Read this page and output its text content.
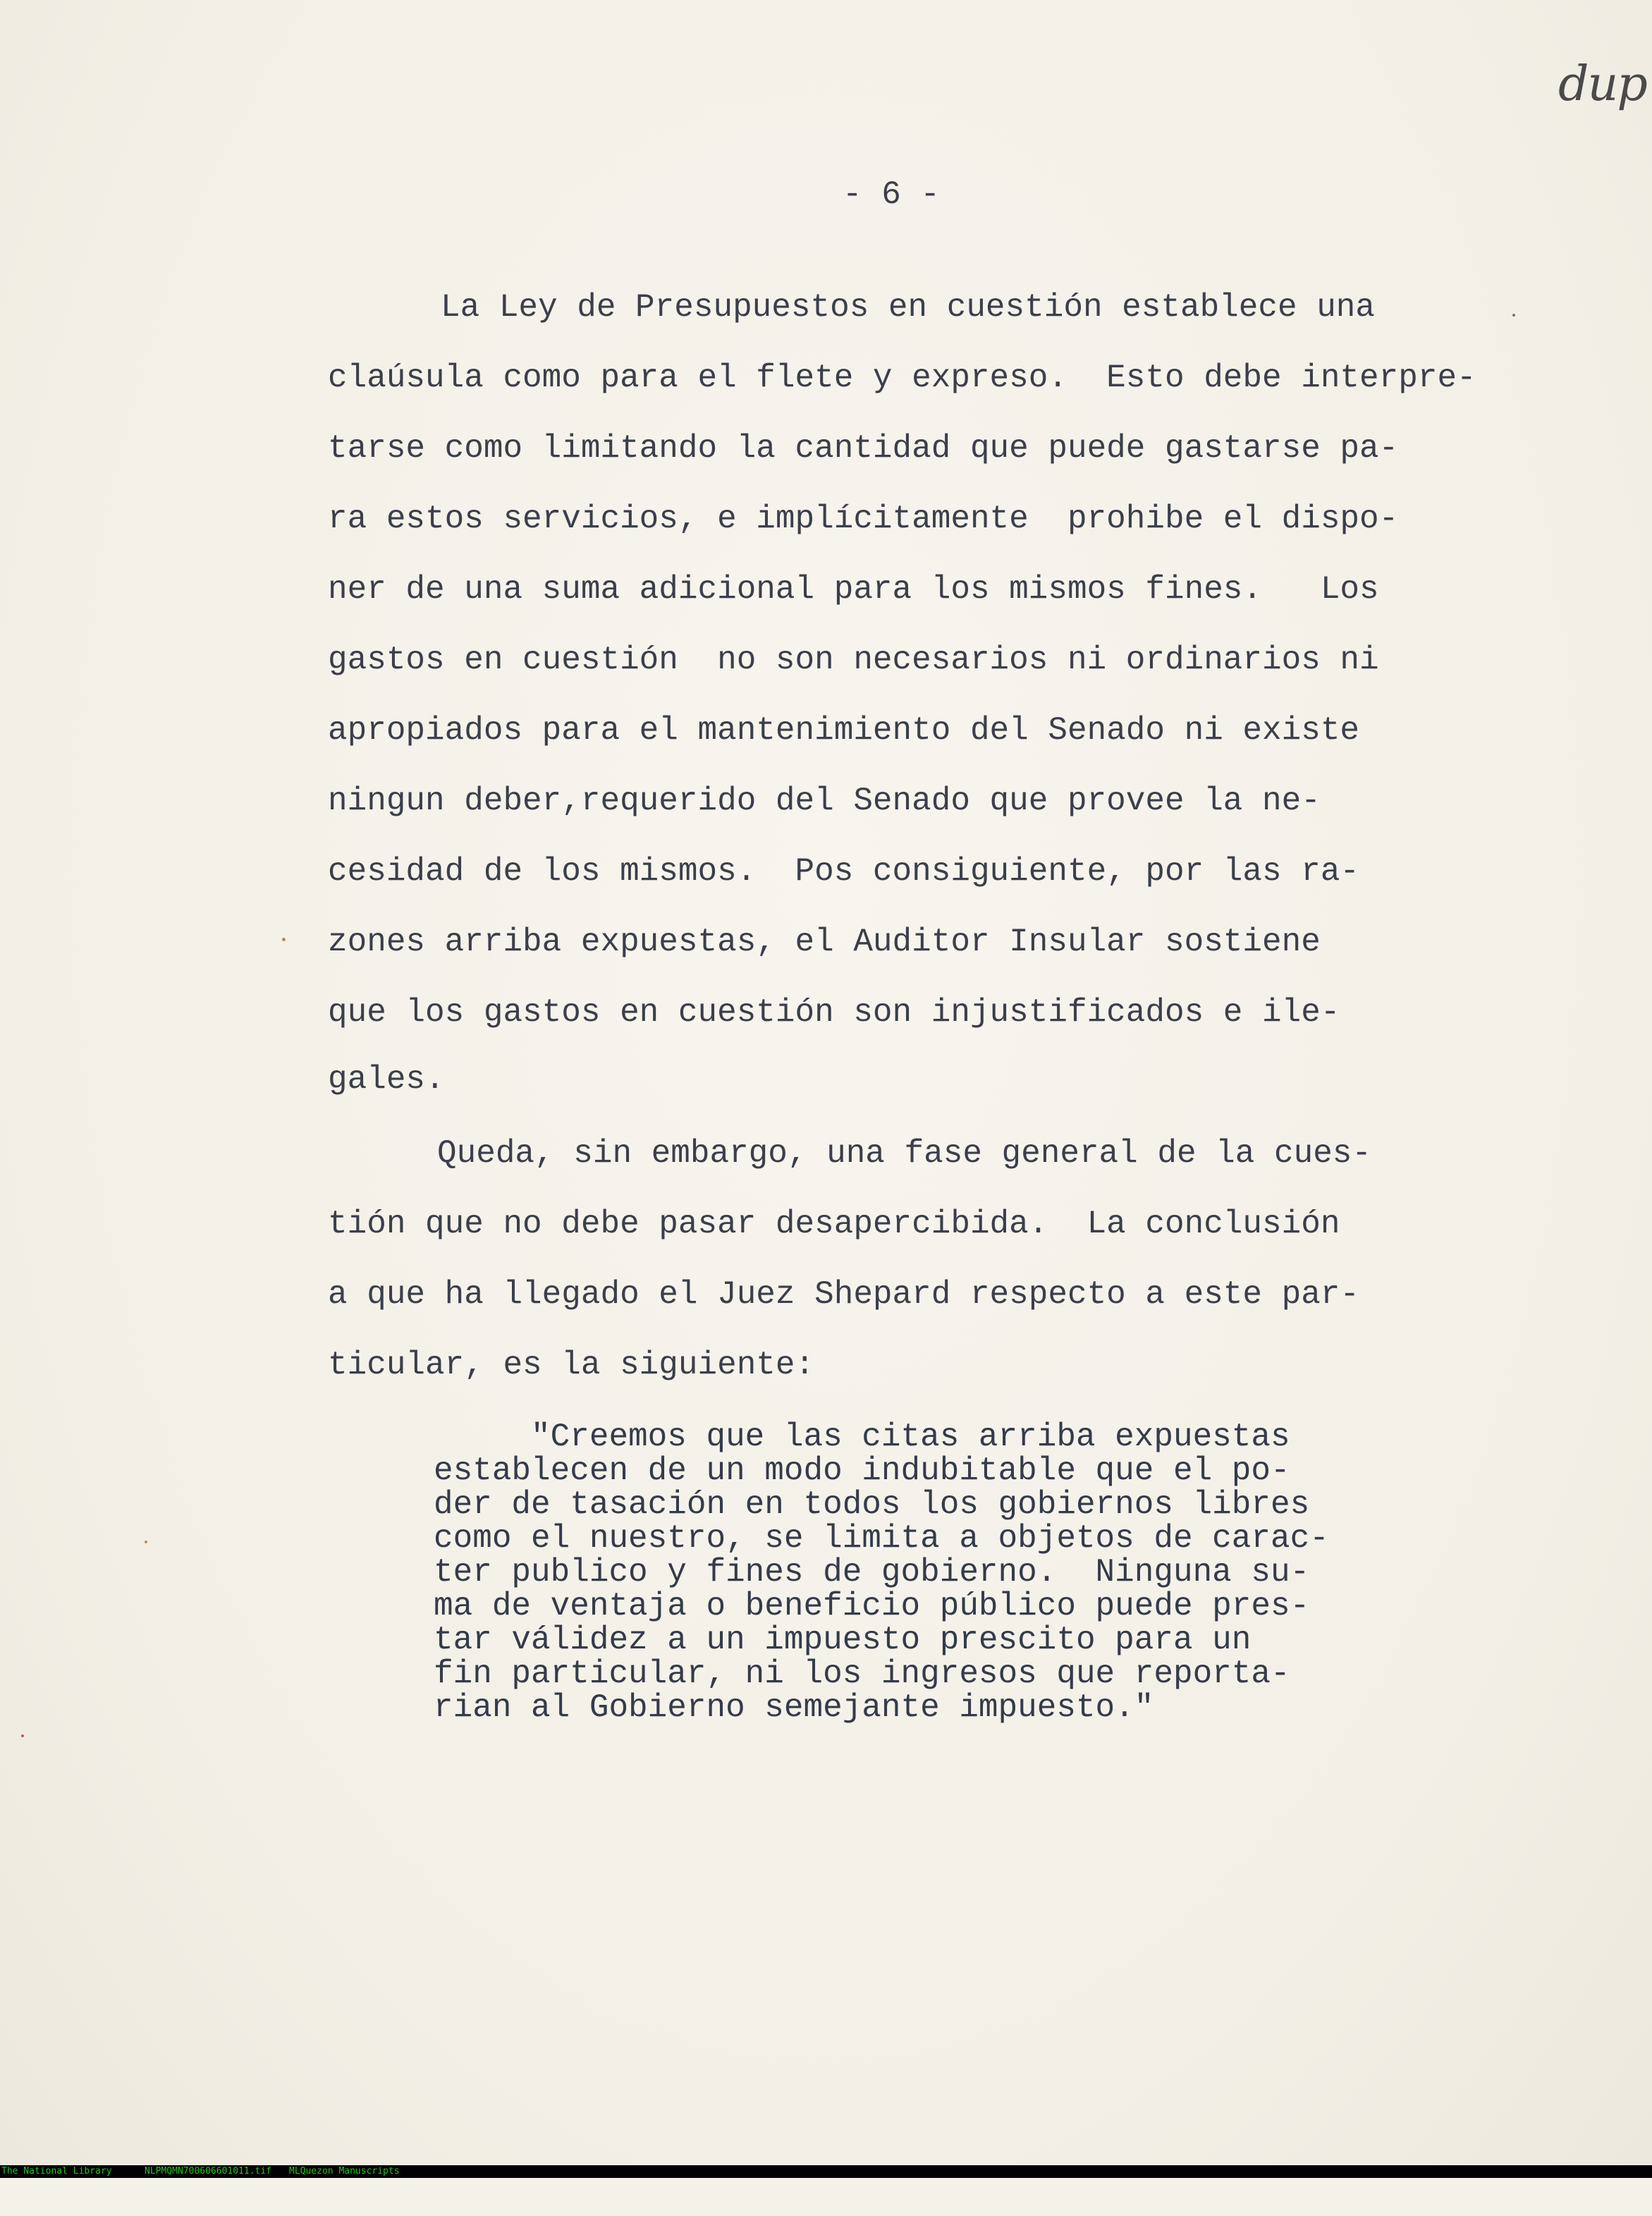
dup
- 6 -
La Ley de Presupuestos en cuestión establece una
claúsula como para el flete y expreso.  Esto debe interpre-
tarse como limitando la cantidad que puede gastarse pa-
ra estos servicios, e implícitamente  prohibe el dispo-
ner de una suma adicional para los mismos fines.   Los
gastos en cuestión  no son necesarios ni ordinarios ni
apropiados para el mantenimiento del Senado ni existe
ningun deber,requerido del Senado que provee la ne-
cesidad de los mismos.  Pos consiguiente, por las ra-
zones arriba expuestas, el Auditor Insular sostiene
que los gastos en cuestión son injustificados e ile-
gales.
Queda, sin embargo, una fase general de la cues-
tión que no debe pasar desapercibida.  La conclusión
a que ha llegado el Juez Shepard respecto a este par-
ticular, es la siguiente:
"Creemos que las citas arriba expuestas
establecen de un modo indubitable que el po-
der de tasación en todos los gobiernos libres
como el nuestro, se limita a objetos de carac-
ter publico y fines de gobierno.  Ninguna su-
ma de ventaja o beneficio público puede pres-
tar válidez a un impuesto prescito para un
fin particular, ni los ingresos que reporta-
rian al Gobierno semejante impuesto."

The National Library

	NLPMQMN700606601011.tif

MLQuezon Manuscripts
